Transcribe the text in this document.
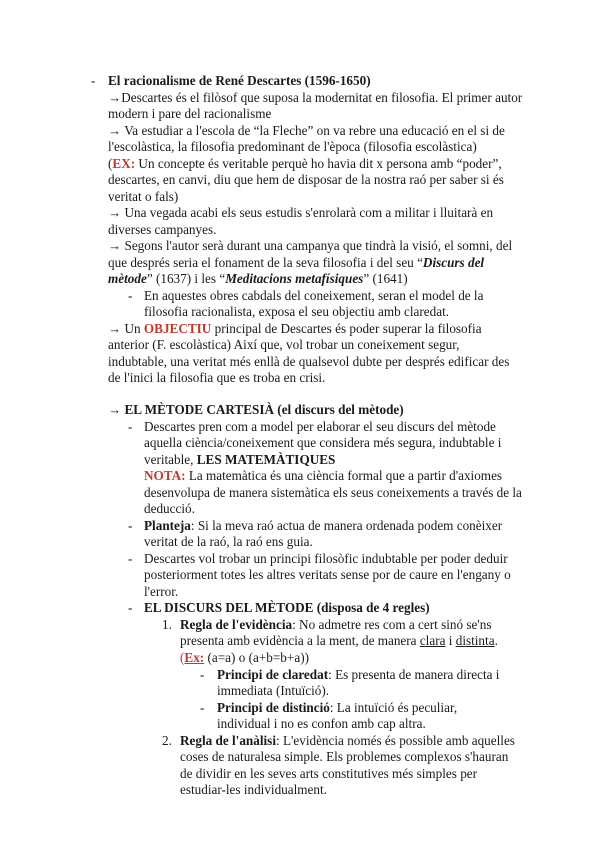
- El racionalisme de René Descartes (1596-1650)
→Descartes és el filòsof que suposa la modernitat en filosofia. El primer autor
modern i pare del racionalisme
→ Va estudiar a l'escola de “la Fleche” on va rebre una educació en el si de
l'escolàstica, la filosofia predominant de l'època (filosofia escolàstica)
(EX: Un concepte és veritable perquè ho havia dit x persona amb “poder”,
descartes, en canvi, diu que hem de disposar de la nostra raó per saber si és
veritat o fals)
→ Una vegada acabi els seus estudis s'enrolarà com a militar i lluitarà en
diverses campanyes.
→ Segons l'autor serà durant una campanya que tindrà la visió, el somni, del
que després seria el fonament de la seva filosofia i del seu “Discurs del
mètode” (1637) i les “Meditacions metafísiques” (1641)
- En aquestes obres cabdals del coneixement, seran el model de la
filosofia racionalista, exposa el seu objectiu amb claredat.
→ Un OBJECTIU principal de Descartes és poder superar la filosofia
anterior (F. escolàstica) Així que, vol trobar un coneixement segur,
indubtable, una veritat més enllà de qualsevol dubte per després edificar des
de l'inici la filosofia que es troba en crisi.
→ EL MÈTODE CARTESIÀ (el discurs del mètode)
- Descartes pren com a model per elaborar el seu discurs del mètode
aquella ciència/coneixement que considera més segura, indubtable i
veritable, LES MATEMÀTIQUES
NOTA: La matemàtica és una ciència formal que a partir d'axiomes
desenvolupa de manera sistemàtica els seus coneixements a través de la
deducció.
- Planteja: Si la meva raó actua de manera ordenada podem conèixer
veritat de la raó, la raó ens guia.
- Descartes vol trobar un principi filosòfic indubtable per poder deduir
posteriorment totes les altres veritats sense por de caure en l'engany o
l'error.
- EL DISCURS DEL MÈTODE (disposa de 4 regles)
1. Regla de l'evidència: No admetre res com a cert sinó se'ns
presenta amb evidència a la ment, de manera clara i distinta.
(Ex: (a=a) o (a+b=b+a))
- Principi de claredat: Es presenta de manera directa i
immediata (Intuïció).
- Principi de distinció: La intuïció és peculiar,
individual i no es confon amb cap altra.
2. Regla de l'anàlisi: L'evidència només és possible amb aquelles
coses de naturalesa simple. Els problemes complexos s'hauran
de dividir en les seves arts constitutives més simples per
estudiar-les individualment.
